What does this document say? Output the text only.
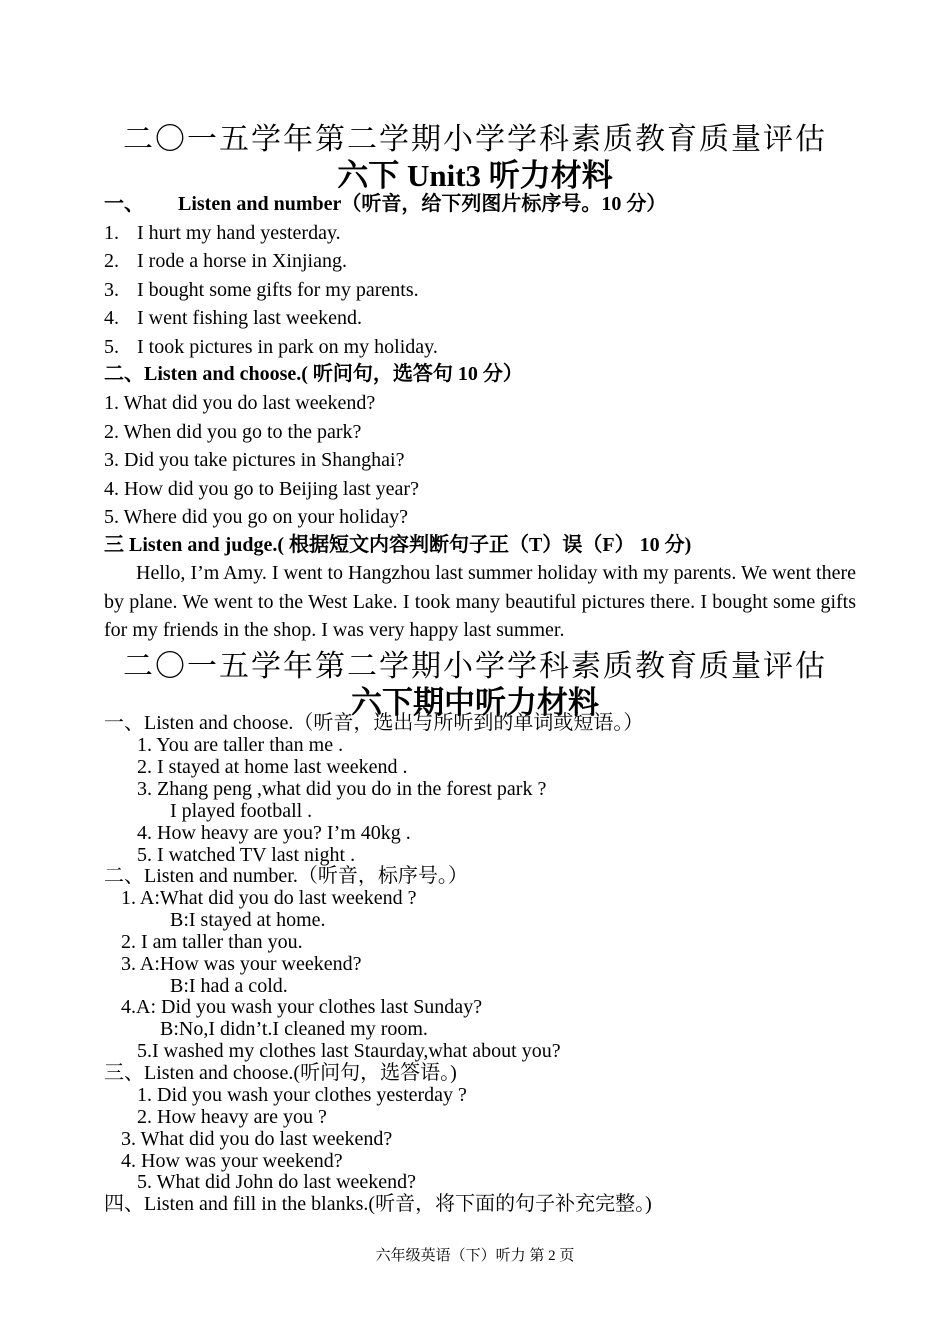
二〇一五学年第二学期小学学科素质教育质量评估
六下 Unit3 听力材料
一、 Listen and number（听音，给下列图片标序号。10 分）
1. I hurt my hand yesterday.
2. I rode a horse in Xinjiang.
3. I bought some gifts for my parents.
4. I went fishing last weekend.
5. I took pictures in park on my holiday.
二、Listen and choose.( 听问句，选答句 10 分）
1. What did you do last weekend?
2. When did you go to the park?
3. Did you take pictures in Shanghai?
4. How did you go to Beijing last year?
5. Where did you go on your holiday?
三 Listen and judge.( 根据短文内容判断句子正（T）误（F） 10 分)
Hello, I’m Amy. I went to Hangzhou last summer holiday with my parents. We went there by plane. We went to the West Lake. I took many beautiful pictures there. I bought some gifts for my friends in the shop. I was very happy last summer.
二〇一五学年第二学期小学学科素质教育质量评估
六下期中听力材料
一、Listen and choose.（听音，选出与所听到的单词或短语。）
1. You are taller than me .
2. I stayed at home last weekend .
3. Zhang peng ,what did you do in the forest park ?
I played football .
4. How heavy are you? I’m 40kg .
5. I watched TV last night .
二、Listen and number.（听音，标序号。）
1. A:What did you do last weekend ?
B:I stayed at home.
2. I am taller than you.
3. A:How was your weekend?
B:I had a cold.
4.A: Did you wash your clothes last Sunday?
B:No,I didn’t.I cleaned my room.
5.I washed my clothes last Staurday,what about you?
三、Listen and choose.(听问句，选答语。)
1. Did you wash your clothes yesterday ?
2. How heavy are you ?
3. What did you do last weekend?
4. How was your weekend?
5. What did John do last weekend?
四、Listen and fill in the blanks.(听音，将下面的句子补充完整。)
六年级英语（下）听力 第 2 页
